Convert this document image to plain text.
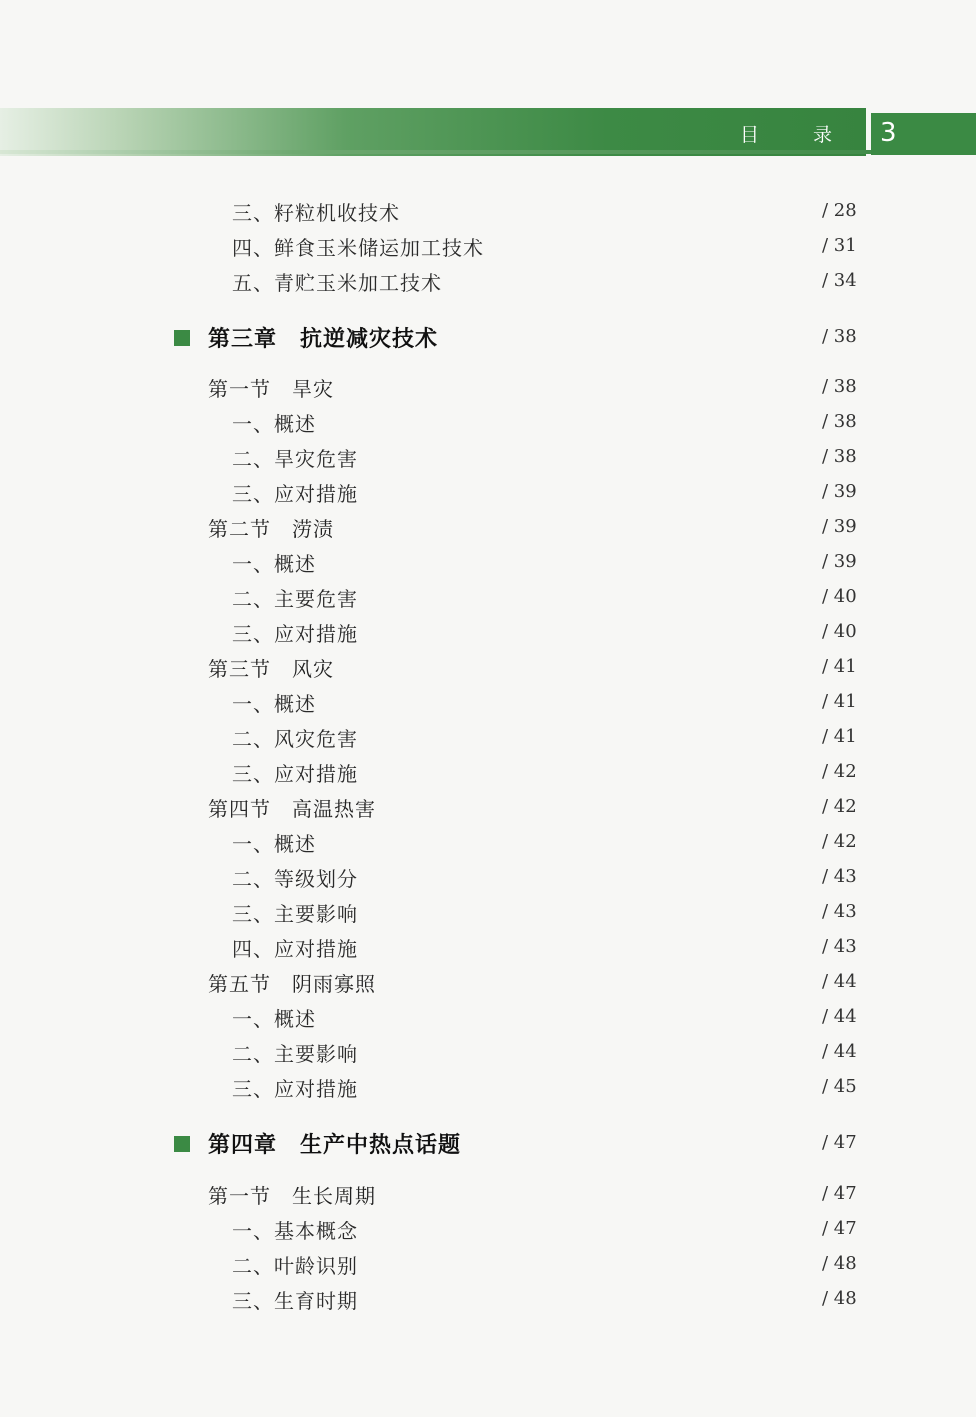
目 录 3
三、籽粒机收技术	/ 28
四、鲜食玉米储运加工技术	/ 31
五、青贮玉米加工技术	/ 34
第三章　抗逆减灾技术	/ 38
第一节　旱灾	/ 38
一、概述	/ 38
二、旱灾危害	/ 38
三、应对措施	/ 39
第二节　涝渍	/ 39
一、概述	/ 39
二、主要危害	/ 40
三、应对措施	/ 40
第三节　风灾	/ 41
一、概述	/ 41
二、风灾危害	/ 41
三、应对措施	/ 42
第四节　高温热害	/ 42
一、概述	/ 42
二、等级划分	/ 43
三、主要影响	/ 43
四、应对措施	/ 43
第五节　阴雨寡照	/ 44
一、概述	/ 44
二、主要影响	/ 44
三、应对措施	/ 45
第四章　生产中热点话题	/ 47
第一节　生长周期	/ 47
一、基本概念	/ 47
二、叶龄识别	/ 48
三、生育时期	/ 48
